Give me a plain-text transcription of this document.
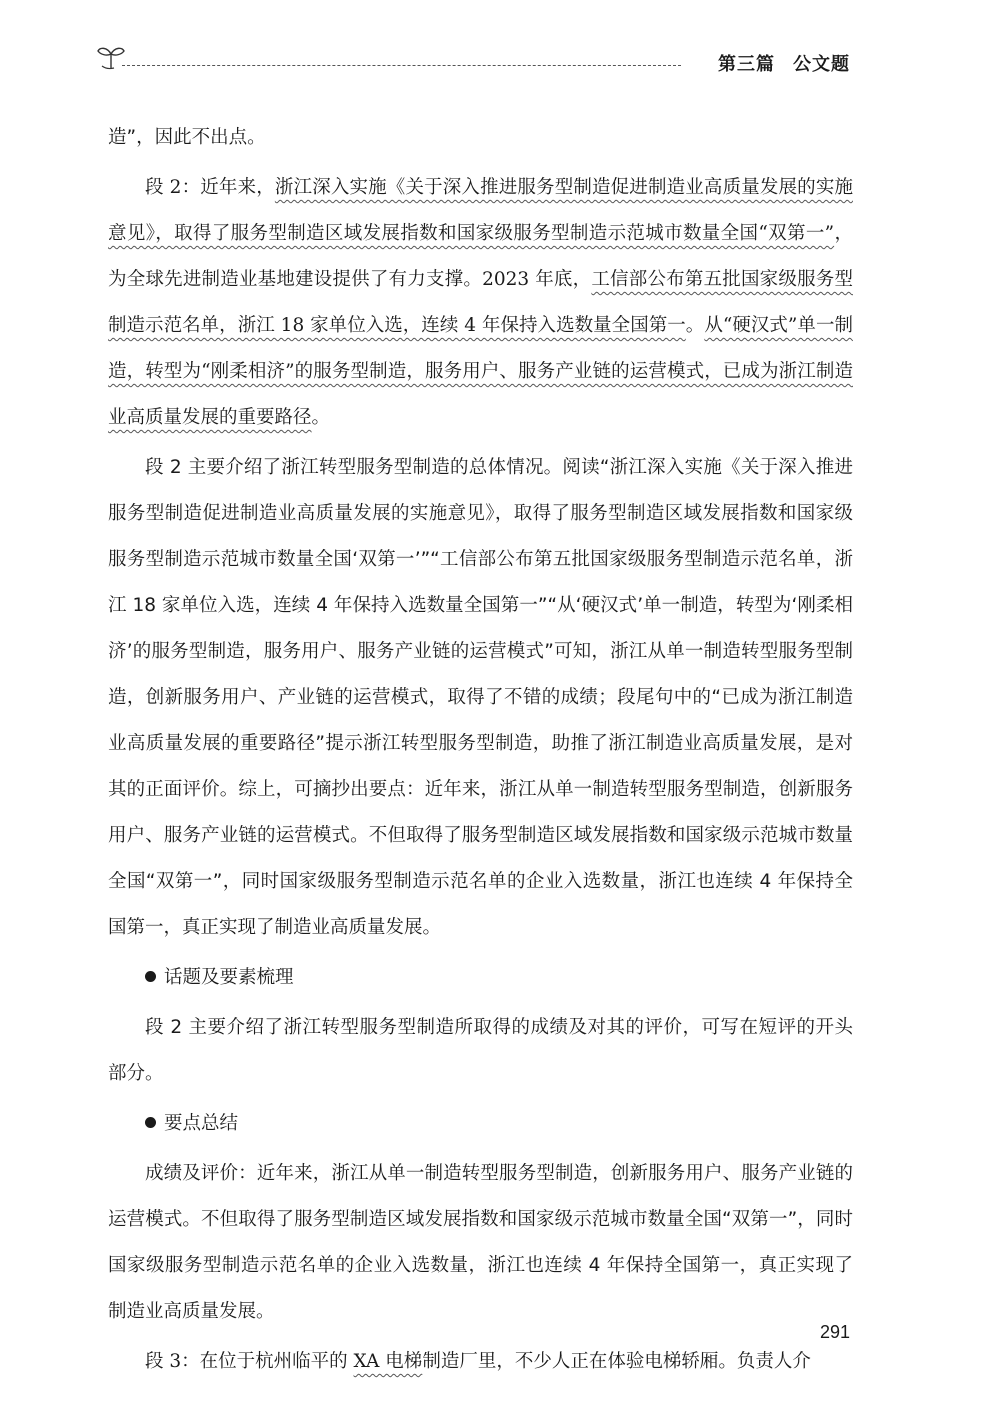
第三篇 公文题

造”，因此不出点。

段 2：近年来，浙江深入实施《关于深入推进服务型制造促进制造业高质量发展的实施意见》，取得了服务型制造区域发展指数和国家级服务型制造示范城市数量全国“双第一”，为全球先进制造业基地建设提供了有力支撑。2023 年底，工信部公布第五批国家级服务型制造示范名单，浙江 18 家单位入选，连续 4 年保持入选数量全国第一。从“硬汉式”单一制造，转型为“刚柔相济”的服务型制造，服务用户、服务产业链的运营模式，已成为浙江制造业高质量发展的重要路径。

段 2 主要介绍了浙江转型服务型制造的总体情况。阅读“浙江深入实施《关于深入推进服务型制造促进制造业高质量发展的实施意见》，取得了服务型制造区域发展指数和国家级服务型制造示范城市数量全国‘双第一’”“工信部公布第五批国家级服务型制造示范名单，浙江 18 家单位入选，连续 4 年保持入选数量全国第一”“从‘硬汉式’单一制造，转型为‘刚柔相济’的服务型制造，服务用户、服务产业链的运营模式”可知，浙江从单一制造转型服务型制造，创新服务用户、产业链的运营模式，取得了不错的成绩；段尾句中的“已成为浙江制造业高质量发展的重要路径”提示浙江转型服务型制造，助推了浙江制造业高质量发展，是对其的正面评价。综上，可摘抄出要点：近年来，浙江从单一制造转型服务型制造，创新服务用户、服务产业链的运营模式。不但取得了服务型制造区域发展指数和国家级示范城市数量全国“双第一”，同时国家级服务型制造示范名单的企业入选数量，浙江也连续 4 年保持全国第一，真正实现了制造业高质量发展。

话题及要素梳理

段 2 主要介绍了浙江转型服务型制造所取得的成绩及对其的评价，可写在短评的开头部分。

要点总结

成绩及评价：近年来，浙江从单一制造转型服务型制造，创新服务用户、服务产业链的运营模式。不但取得了服务型制造区域发展指数和国家级示范城市数量全国“双第一”，同时国家级服务型制造示范名单的企业入选数量，浙江也连续 4 年保持全国第一，真正实现了制造业高质量发展。

段 3：在位于杭州临平的 XA 电梯制造厂里，不少人正在体验电梯轿厢。负责人介

291
